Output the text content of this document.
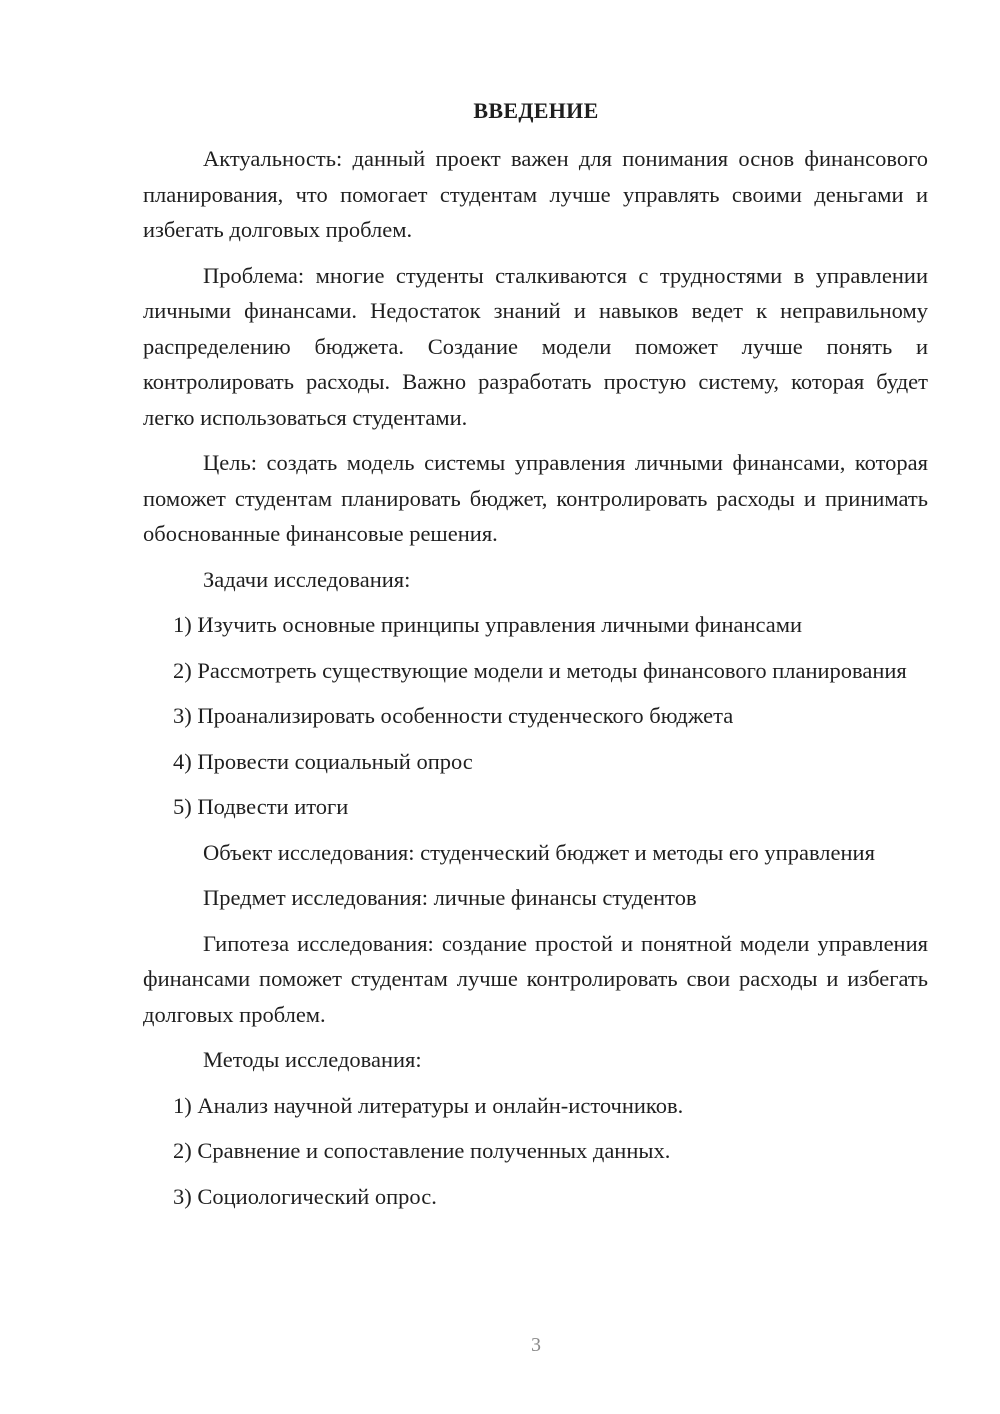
ВВЕДЕНИЕ

Актуальность: данный проект важен для понимания основ финансового планирования, что помогает студентам лучше управлять своими деньгами и избегать долговых проблем.

Проблема: многие студенты сталкиваются с трудностями в управлении личными финансами. Недостаток знаний и навыков ведет к неправильному распределению бюджета. Создание модели поможет лучше понять и контролировать расходы. Важно разработать простую систему, которая будет легко использоваться студентами.

Цель: создать модель системы управления личными финансами, которая поможет студентам планировать бюджет, контролировать расходы и принимать обоснованные финансовые решения.

Задачи исследования:

1) Изучить основные принципы управления личными финансами

2) Рассмотреть существующие модели и методы финансового планирования

3) Проанализировать особенности студенческого бюджета

4) Провести социальный опрос

5) Подвести итоги

Объект исследования: студенческий бюджет и методы его управления

Предмет исследования: личные финансы студентов

Гипотеза исследования: создание простой и понятной модели управления финансами поможет студентам лучше контролировать свои расходы и избегать долговых проблем.

Методы исследования:

1) Анализ научной литературы и онлайн-источников.

2) Сравнение и сопоставление полученных данных.

3) Социологический опрос.

3
